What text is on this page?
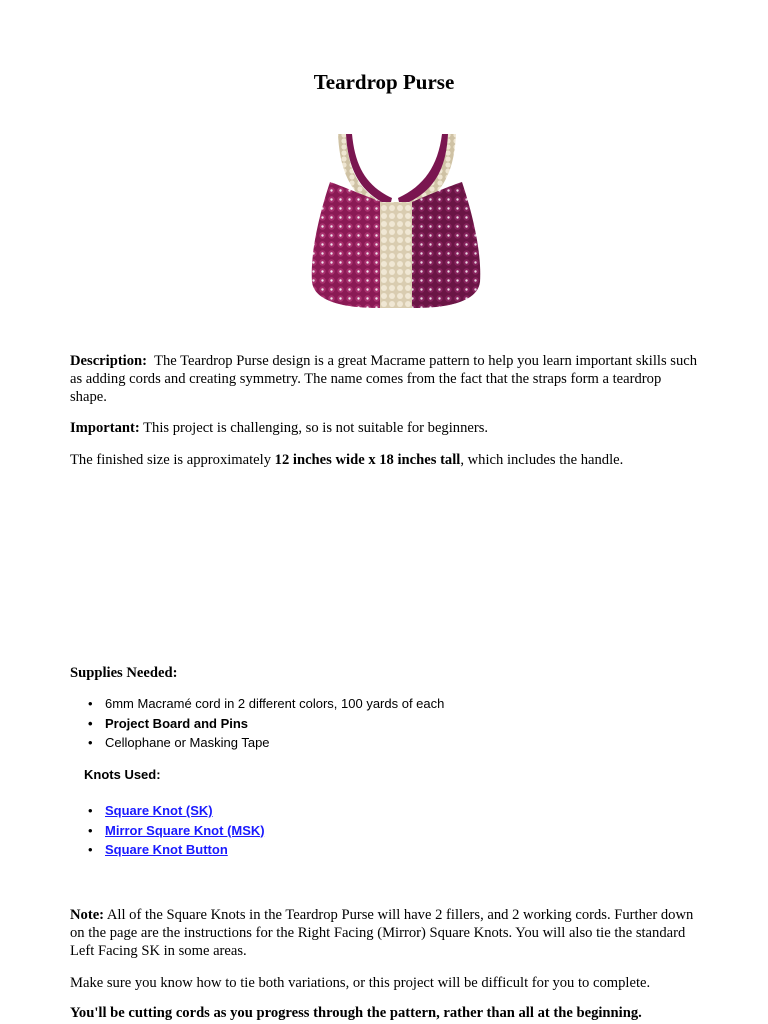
Teardrop Purse

Description: The Teardrop Purse design is a great Macrame pattern to help you learn important skills such as adding cords and creating symmetry. The name comes from the fact that the straps form a teardrop shape.

Important: This project is challenging, so is not suitable for beginners.

The finished size is approximately 12 inches wide x 18 inches tall, which includes the handle.

Supplies Needed:

• 6mm Macramé cord in 2 different colors, 100 yards of each
• Project Board and Pins
• Cellophane or Masking Tape
Knots Used:
• Square Knot (SK)
• Mirror Square Knot (MSK)
• Square Knot Button

Note: All of the Square Knots in the Teardrop Purse will have 2 fillers, and 2 working cords. Further down on the page are the instructions for the Right Facing (Mirror) Square Knots. You will also tie the standard Left Facing SK in some areas.

Make sure you know how to tie both variations, or this project will be difficult for you to complete.

You'll be cutting cords as you progress through the pattern, rather than all at the beginning.
